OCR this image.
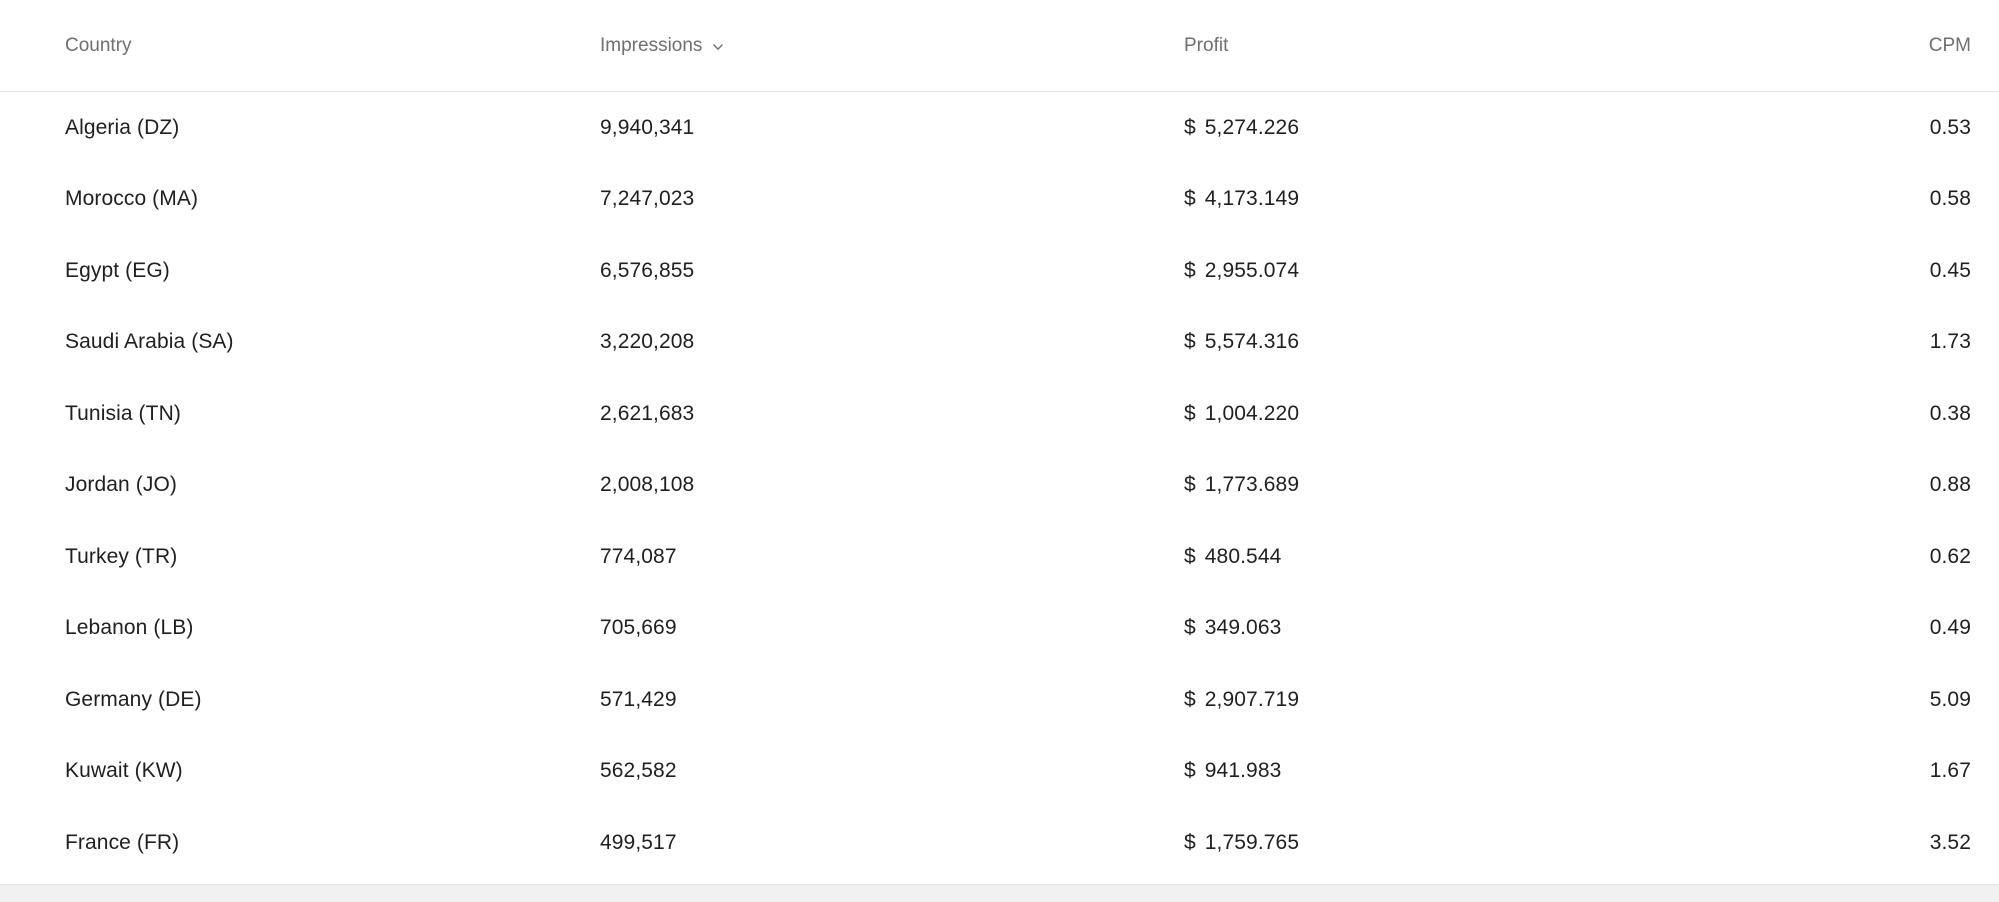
Country	Impressions	Profit	CPM

Algeria (DZ)	9,940,341	$ 5,274.226	0.53
Morocco (MA)	7,247,023	$ 4,173.149	0.58
Egypt (EG)	6,576,855	$ 2,955.074	0.45
Saudi Arabia (SA)	3,220,208	$ 5,574.316	1.73
Tunisia (TN)	2,621,683	$ 1,004.220	0.38
Jordan (JO)	2,008,108	$ 1,773.689	0.88
Turkey (TR)	774,087	$ 480.544	0.62
Lebanon (LB)	705,669	$ 349.063	0.49
Germany (DE)	571,429	$ 2,907.719	5.09
Kuwait (KW)	562,582	$ 941.983	1.67
France (FR)	499,517	$ 1,759.765	3.52
